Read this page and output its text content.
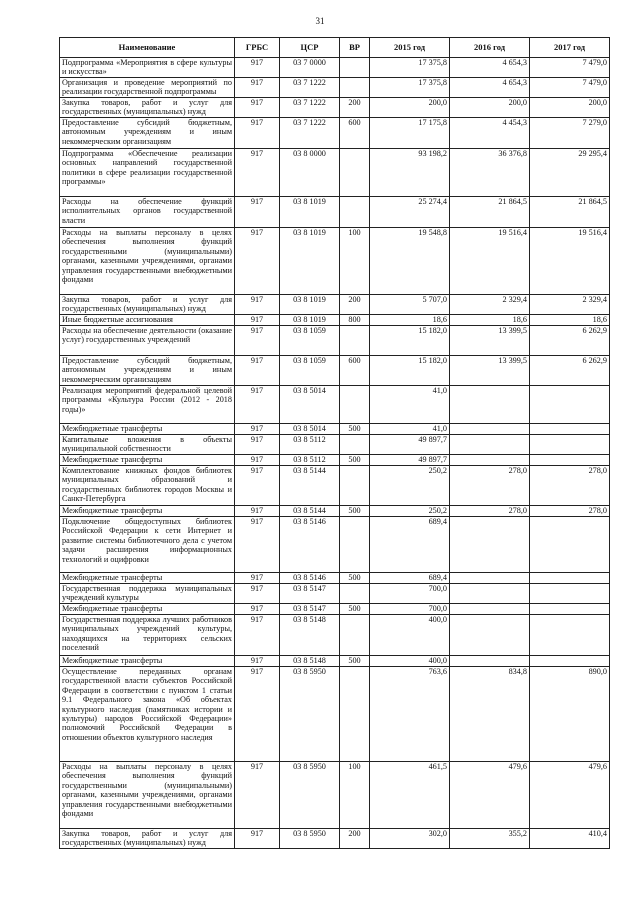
31
Наименование	ГРБС	ЦСР	ВР	2015 год	2016 год	2017 год
Подпрограмма «Мероприятия в сфере культуры и искусства»	917	03 7 0000		17 375,8	4 654,3	7 479,0
Организация и проведение мероприятий по реализации государственной подпрограммы	917	03 7 1222		17 375,8	4 654,3	7 479,0
Закупка товаров, работ и услуг для государственных (муниципальных) нужд	917	03 7 1222	200	200,0	200,0	200,0
Предоставление субсидий бюджетным, автономным учреждениям и иным некоммерческим организациям	917	03 7 1222	600	17 175,8	4 454,3	7 279,0
Подпрограмма «Обеспечение реализации основных направлений государственной политики в сфере реализации государственной программы»	917	03 8 0000		93 198,2	36 376,8	29 295,4
Расходы на обеспечение функций исполнительных органов государственной власти	917	03 8 1019		25 274,4	21 864,5	21 864,5
Расходы на выплаты персоналу в целях обеспечения выполнения функций государственными (муниципальными) органами, казенными учреждениями, органами управления государственными внебюджетными фондами	917	03 8 1019	100	19 548,8	19 516,4	19 516,4
Закупка товаров, работ и услуг для государственных (муниципальных) нужд	917	03 8 1019	200	5 707,0	2 329,4	2 329,4
Иные бюджетные ассигнования	917	03 8 1019	800	18,6	18,6	18,6
Расходы на обеспечение деятельности (оказание услуг) государственных учреждений	917	03 8 1059		15 182,0	13 399,5	6 262,9
Предоставление субсидий бюджетным, автономным учреждениям и иным некоммерческим организациям	917	03 8 1059	600	15 182,0	13 399,5	6 262,9
Реализация мероприятий федеральной целевой программы «Культура России (2012 - 2018 годы)»	917	03 8 5014		41,0		
Межбюджетные трансферты	917	03 8 5014	500	41,0		
Капитальные вложения в объекты муниципальной собственности	917	03 8 5112		49 897,7		
Межбюджетные трансферты	917	03 8 5112	500	49 897,7		
Комплектование книжных фондов библиотек муниципальных образований и государственных библиотек городов Москвы и Санкт-Петербурга	917	03 8 5144		250,2	278,0	278,0
Межбюджетные трансферты	917	03 8 5144	500	250,2	278,0	278,0
Подключение общедоступных библиотек Российской Федерации к сети Интернет и развитие системы библиотечного дела с учетом задачи расширения информационных технологий и оцифровки	917	03 8 5146		689,4		
Межбюджетные трансферты	917	03 8 5146	500	689,4		
Государственная поддержка муниципальных учреждений культуры	917	03 8 5147		700,0		
Межбюджетные трансферты	917	03 8 5147	500	700,0		
Государственная поддержка лучших работников муниципальных учреждений культуры, находящихся на территориях сельских поселений	917	03 8 5148		400,0		
Межбюджетные трансферты	917	03 8 5148	500	400,0		
Осуществление переданных органам государственной власти субъектов Российской Федерации в соответствии с пунктом 1 статьи 9.1 Федерального закона «Об объектах культурного наследия (памятниках истории и культуры) народов Российской Федерации» полномочий Российской Федерации в отношении объектов культурного наследия	917	03 8 5950		763,6	834,8	890,0
Расходы на выплаты персоналу в целях обеспечения выполнения функций государственными (муниципальными) органами, казенными учреждениями, органами управления государственными внебюджетными фондами	917	03 8 5950	100	461,5	479,6	479,6
Закупка товаров, работ и услуг для государственных (муниципальных) нужд	917	03 8 5950	200	302,0	355,2	410,4
